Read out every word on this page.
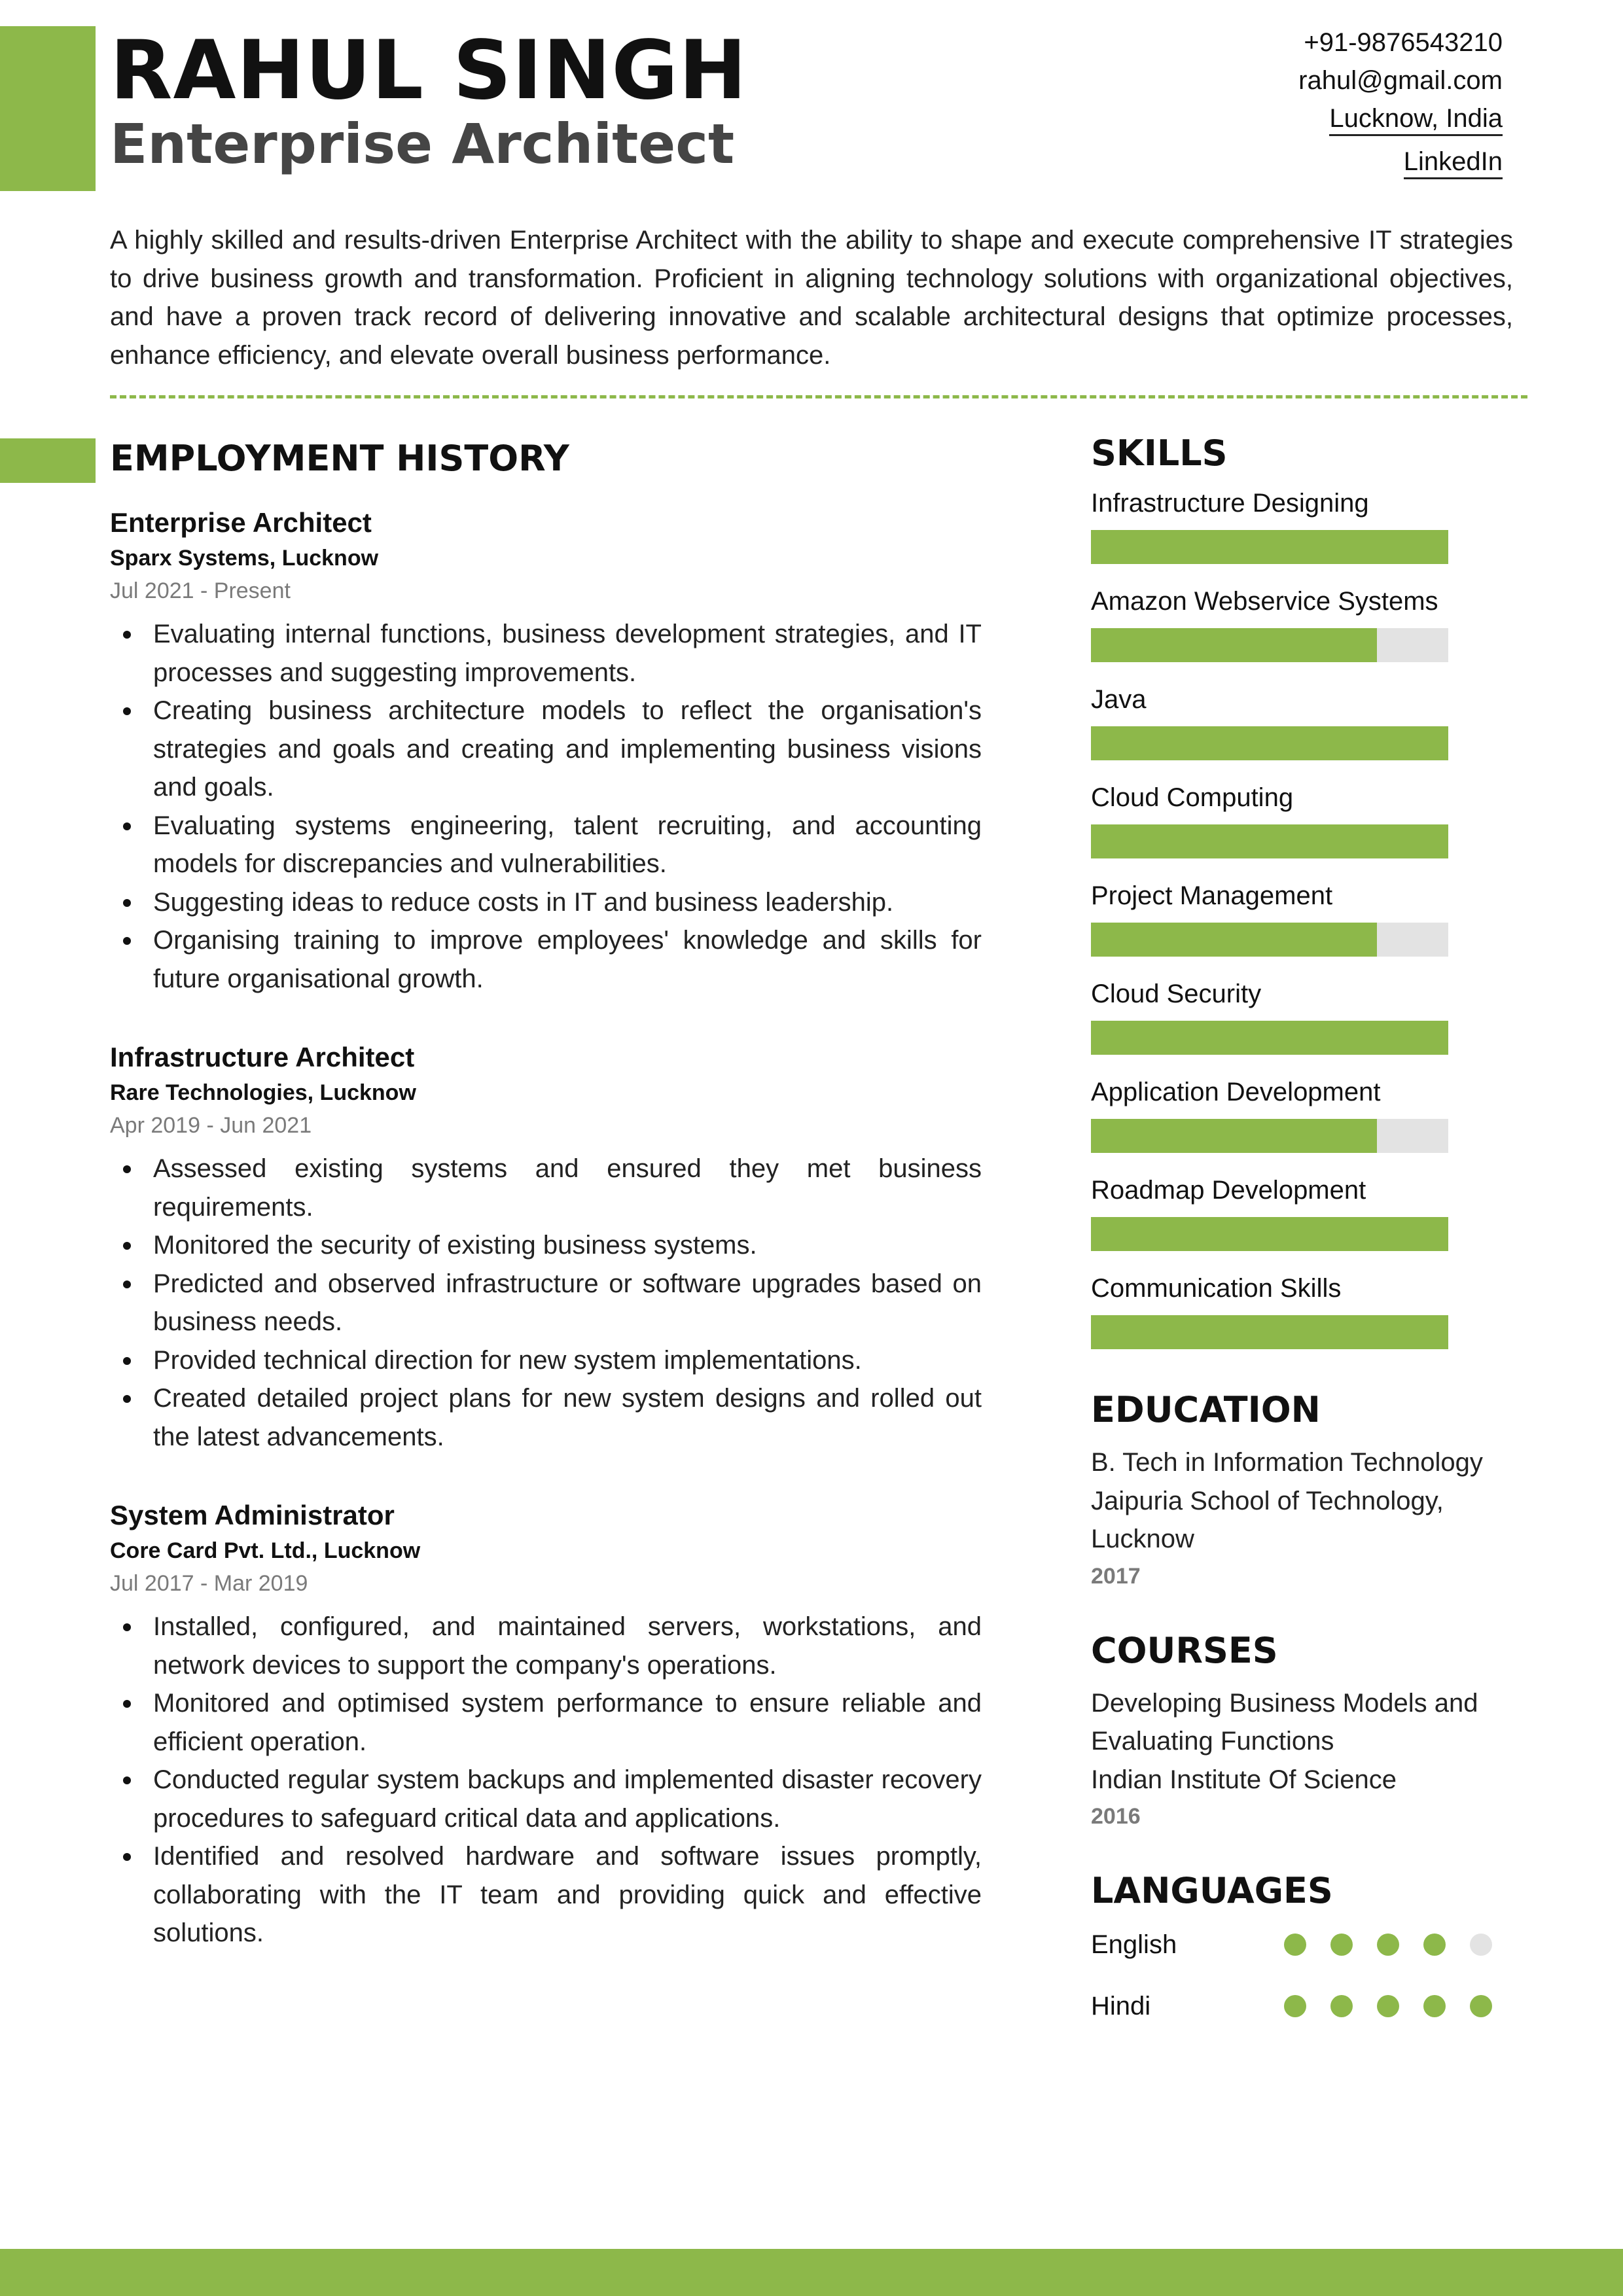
RAHUL SINGH
Enterprise Architect
+91-9876543210
rahul@gmail.com
Lucknow, India
LinkedIn

A highly skilled and results-driven Enterprise Architect with the ability to shape and execute comprehensive IT strategies to drive business growth and transformation. Proficient in aligning technology solutions with organizational objectives, and have a proven track record of delivering innovative and scalable architectural designs that optimize processes, enhance efficiency, and elevate overall business performance.

EMPLOYMENT HISTORY

Enterprise Architect

Sparx Systems, Lucknow

Jul 2021 - Present

Evaluating internal functions, business development strategies, and IT processes and suggesting improvements.
Creating business architecture models to reflect the organisation's strategies and goals and creating and implementing business visions and goals.
Evaluating systems engineering, talent recruiting, and accounting models for discrepancies and vulnerabilities.
Suggesting ideas to reduce costs in IT and business leadership.
Organising training to improve employees' knowledge and skills for future organisational growth.

Infrastructure Architect

Rare Technologies, Lucknow

Apr 2019 - Jun 2021

Assessed existing systems and ensured they met business requirements.
Monitored the security of existing business systems.
Predicted and observed infrastructure or software upgrades based on business needs.
Provided technical direction for new system implementations.
Created detailed project plans for new system designs and rolled out the latest advancements.

System Administrator

Core Card Pvt. Ltd., Lucknow

Jul 2017 - Mar 2019

Installed, configured, and maintained servers, workstations, and network devices to support the company's operations.
Monitored and optimised system performance to ensure reliable and efficient operation.
Conducted regular system backups and implemented disaster recovery procedures to safeguard critical data and applications.
Identified and resolved hardware and software issues promptly, collaborating with the IT team and providing quick and effective solutions.
SKILLS

Infrastructure Designing

Amazon Webservice Systems

Java

Cloud Computing

Project Management

Cloud Security

Application Development

Roadmap Development

Communication Skills

EDUCATION

B. Tech in Information Technology

Jaipuria School of Technology,

Lucknow

2017

COURSES

Developing Business Models and

Evaluating Functions

Indian Institute Of Science

2016

LANGUAGES
English
Hindi
